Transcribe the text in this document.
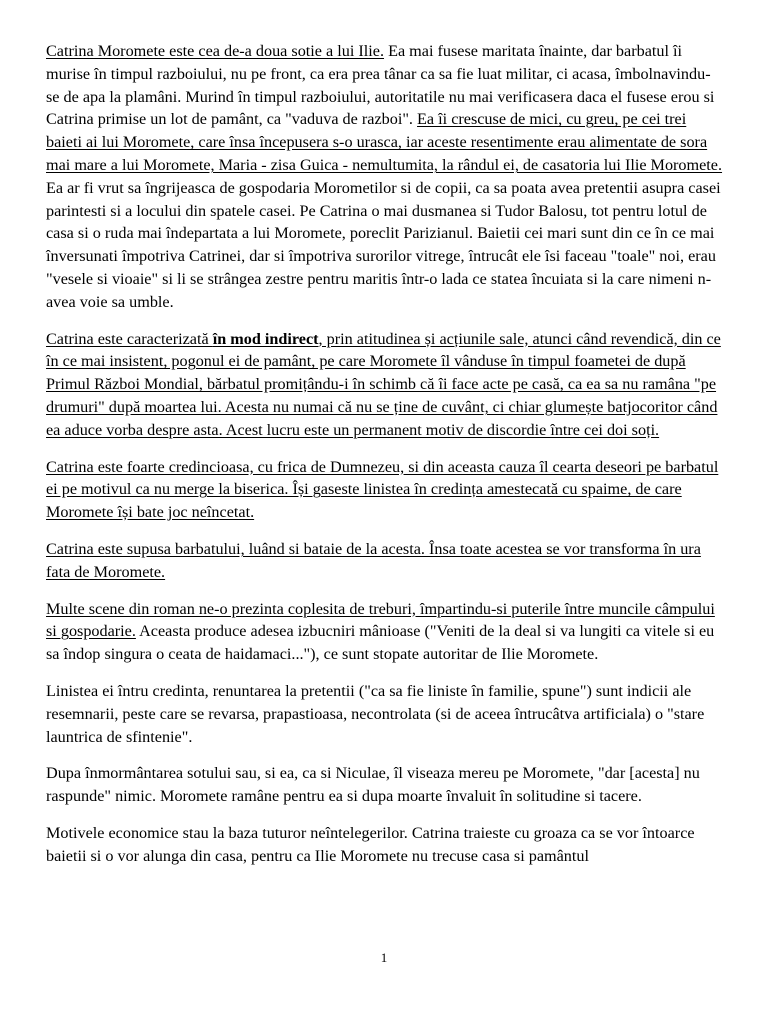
Catrina Moromete este cea de-a doua sotie a lui Ilie. Ea mai fusese maritata înainte, dar barbatul îi murise în timpul razboiului, nu pe front, ca era prea tânar ca sa fie luat militar, ci acasa, îmbolnavindu-se de apa la plamâni. Murind în timpul razboiului, autoritatile nu mai verificasera daca el fusese erou si Catrina primise un lot de pamânt, ca "vaduva de razboi". Ea îi crescuse de mici, cu greu, pe cei trei baieti ai lui Moromete, care însa începusera s-o urasca, iar aceste resentimente erau alimentate de sora mai mare a lui Moromete, Maria - zisa Guica - nemultumita, la rândul ei, de casatoria lui Ilie Moromete. Ea ar fi vrut sa îngrijeasca de gospodaria Morometilor si de copii, ca sa poata avea pretentii asupra casei parintesti si a locului din spatele casei. Pe Catrina o mai dusmanea si Tudor Balosu, tot pentru lotul de casa si o ruda mai îndepartata a lui Moromete, poreclit Parizianul. Baietii cei mari sunt din ce în ce mai înversunati împotriva Catrinei, dar si împotriva surorilor vitrege, întrucât ele îsi faceau "toale" noi, erau "vesele si vioaie" si li se strângea zestre pentru maritis într-o lada ce statea încuiata si la care nimeni n-avea voie sa umble.

Catrina este caracterizată în mod indirect, prin atitudinea și acțiunile sale, atunci când revendică, din ce în ce mai insistent, pogonul ei de pamânt, pe care Moromete îl vânduse în timpul foametei de după Primul Război Mondial, bărbatul promițându-i în schimb că îi face acte pe casă, ca ea sa nu ramâna "pe drumuri" după moartea lui. Acesta nu numai că nu se ține de cuvânt, ci chiar glumește batjocoritor când ea aduce vorba despre asta. Acest lucru este un permanent motiv de discordie între cei doi soți.

Catrina este foarte credincioasa, cu frica de Dumnezeu, si din aceasta cauza îl cearta deseori pe barbatul ei pe motivul ca nu merge la biserica. Își gaseste linistea în credința amestecată cu spaime, de care Moromete își bate joc neîncetat.

Catrina este supusa barbatului, luând si bataie de la acesta. Însa toate acestea se vor transforma în ura fata de Moromete.

Multe scene din roman ne-o prezinta coplesita de treburi, împartindu-si puterile între muncile câmpului si gospodarie. Aceasta produce adesea izbucniri mânioase ("Veniti de la deal si va lungiti ca vitele si eu sa îndop singura o ceata de haidamaci..."), ce sunt stopate autoritar de Ilie Moromete.

Linistea ei întru credinta, renuntarea la pretentii ("ca sa fie liniste în familie, spune") sunt indicii ale resemnarii, peste care se revarsa, prapastioasa, necontrolata (si de aceea întrucâtva artificiala) o "stare launtrica de sfintenie".

Dupa înmormântarea sotului sau, si ea, ca si Niculae, îl viseaza mereu pe Moromete, "dar [acesta] nu raspunde" nimic. Moromete ramâne pentru ea si dupa moarte învaluit în solitudine si tacere.

Motivele economice stau la baza tuturor neîntelegerilor. Catrina traieste cu groaza ca se vor întoarce baietii si o vor alunga din casa, pentru ca Ilie Moromete nu trecuse casa si pamântul

1
